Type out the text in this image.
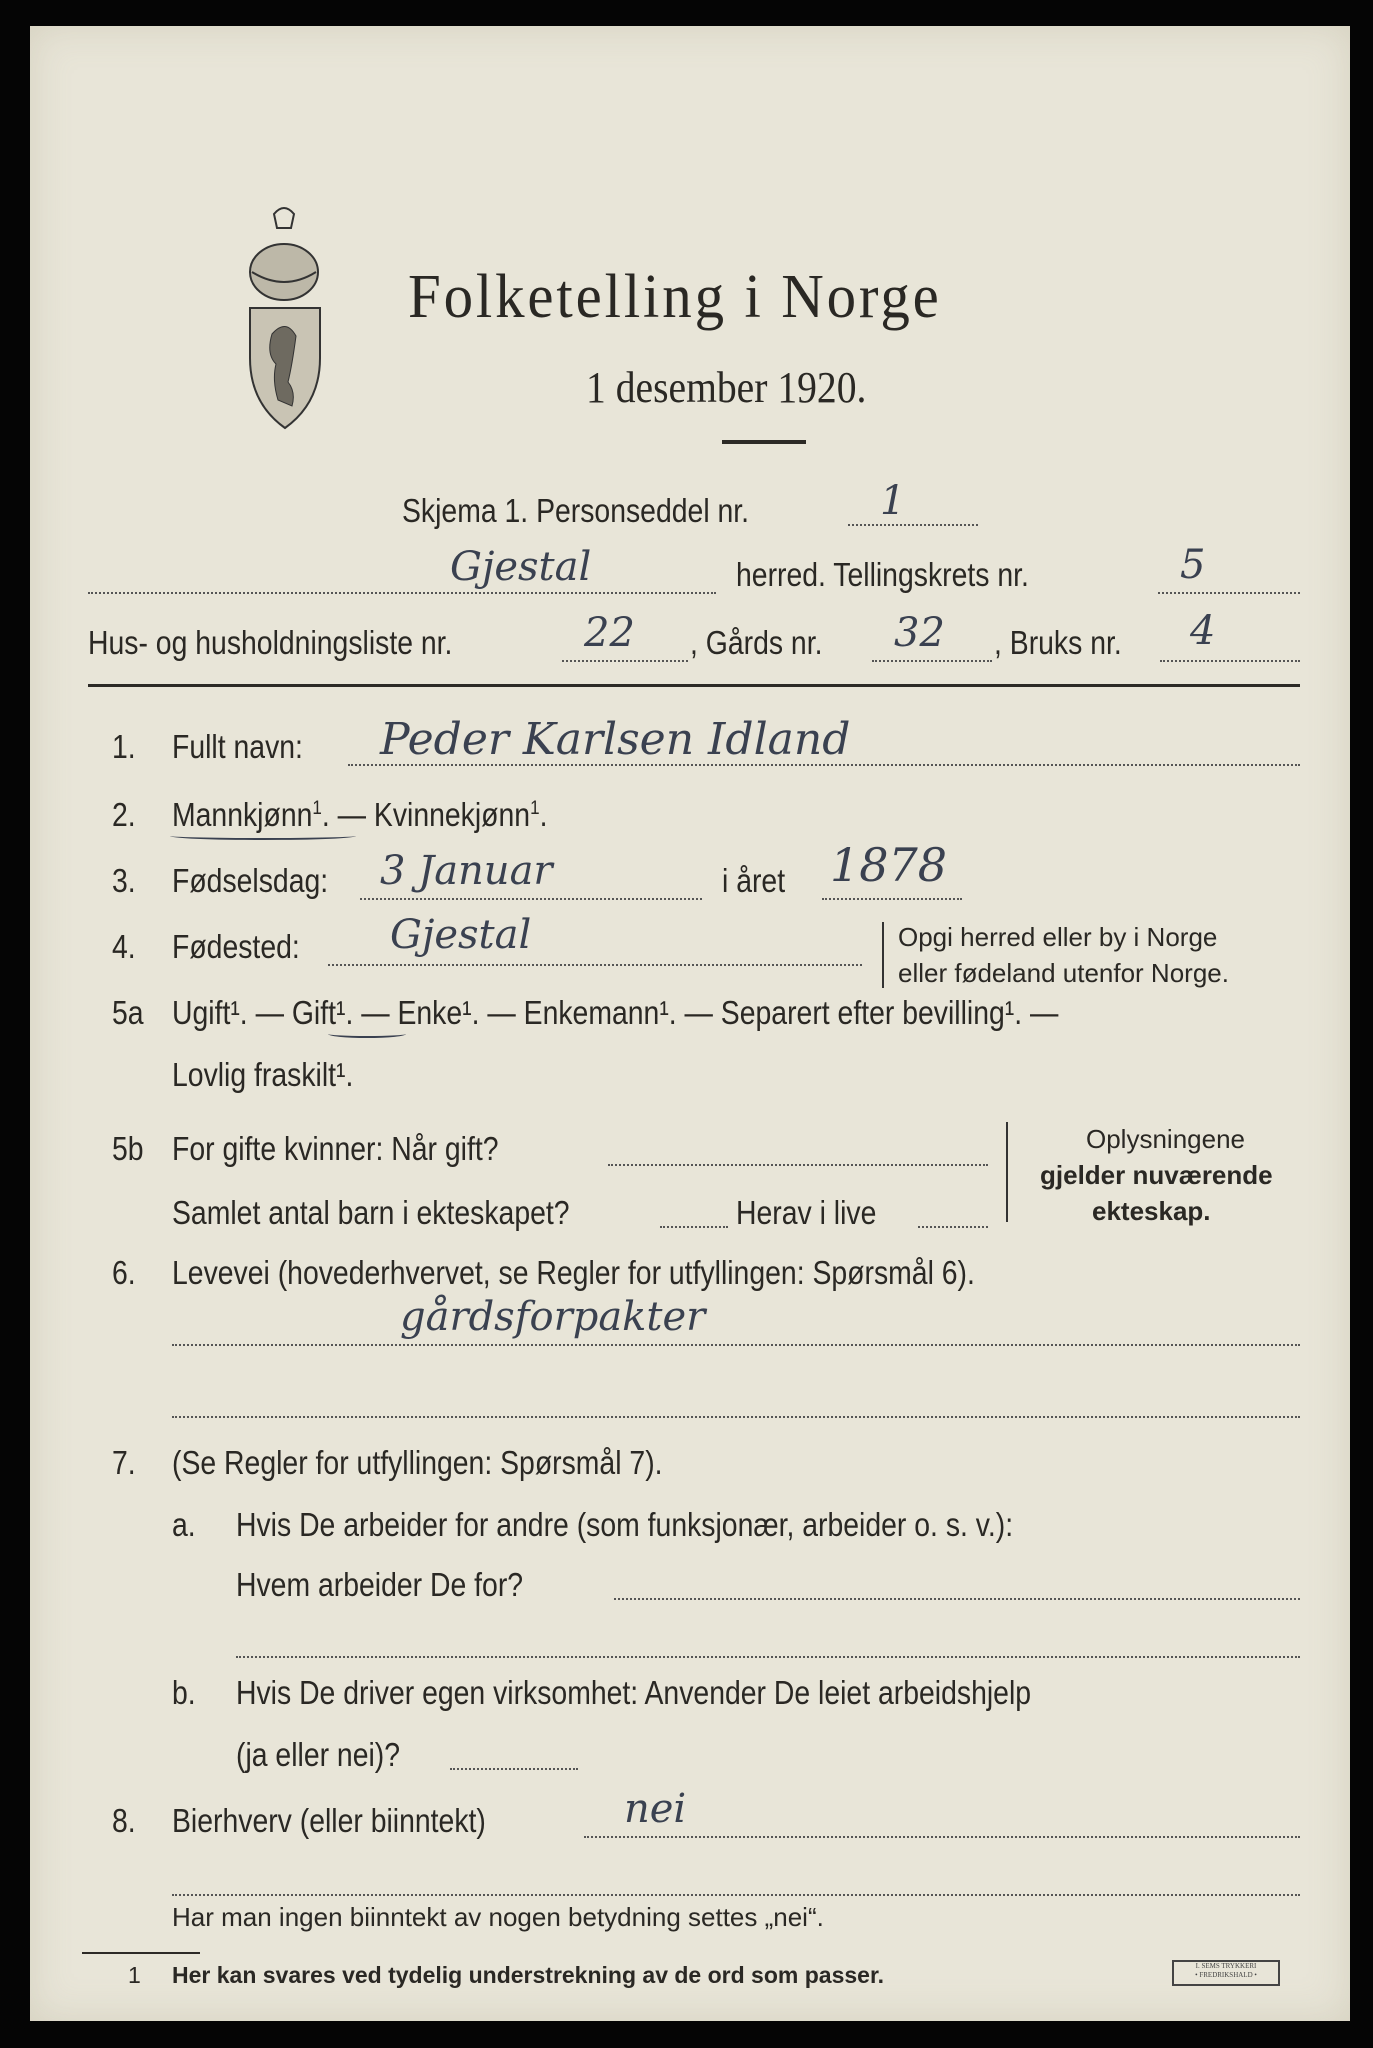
Folketelling i Norge
1 desember 1920.
Skjema 1. Personseddel nr.	1
Gjestal	herred. Tellingskrets nr.	5
Hus- og husholdningsliste nr.	22 , Gårds nr. 32 , Bruks nr. 4
1. Fullt navn: Peder Karlsen Idland
2. Mannkjønn$^1$. — Kvinnekjønn$^1$.
3. Fødselsdag: 3 Januar	i året 1878
4. Fødested: Gjestal	Opgi herred eller by i Norge
eller fødeland utenfor Norge.
5a Ugift¹. — Gift¹. — Enke¹. — Enkemann¹. — Separert efter bevilling¹. —
Lovlig fraskilt¹.
5b For gifte kvinner: Når gift?
Samlet antal barn i ekteskapet?	Herav i live
Oplysningene
gjelder nuværende
ekteskap.
6. Levevei (hovederhvervet, se Regler for utfyllingen: Spørsmål 6).
gårdsforpakter
7. (Se Regler for utfyllingen: Spørsmål 7).
a. Hvis De arbeider for andre (som funksjonær, arbeider o. s. v.):
Hvem arbeider De for?
b. Hvis De driver egen virksomhet: Anvender De leiet arbeidshjelp
(ja eller nei)?
8. Bierhverv (eller biinntekt)	nei
Har man ingen biinntekt av nogen betydning settes „nei“.
1 Her kan svares ved tydelig understrekning av de ord som passer.	I. SEMS TRYKKERI
• FREDRIKSHALD •
